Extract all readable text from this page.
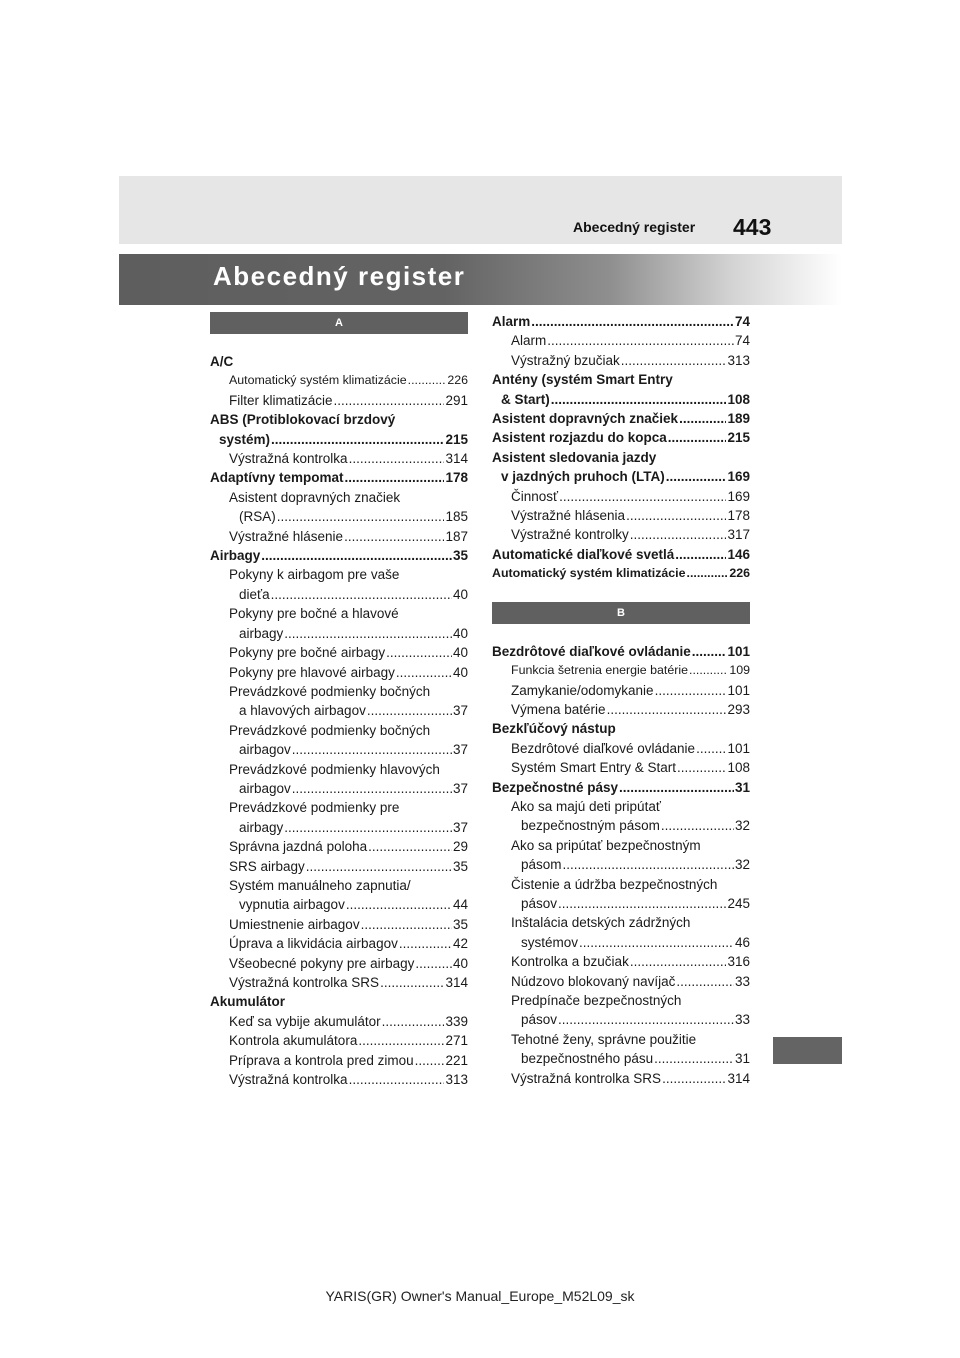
Abecedný register 443
Abecedný register
A
A/C
Automatický systém klimatizácie .....	226
Filter klimatizácie .....	291
ABS (Protiblokovací brzdový
systém) .....	215
Výstražná kontrolka .....	314
Adaptívny tempomat .....	178
Asistent dopravných značiek
(RSA) .....	185
Výstražné hlásenie .....	187
Airbagy .....	35
Pokyny k airbagom pre vaše
dieťa .....	40
Pokyny pre bočné a hlavové
airbagy .....	40
Pokyny pre bočné airbagy .....	40
Pokyny pre hlavové airbagy .....	40
Prevádzkové podmienky bočných
a hlavových airbagov .....	37
Prevádzkové podmienky bočných
airbagov .....	37
Prevádzkové podmienky hlavových
airbagov .....	37
Prevádzkové podmienky pre
airbagy .....	37
Správna jazdná poloha .....	29
SRS airbagy .....	35
Systém manuálneho zapnutia/
vypnutia airbagov .....	44
Umiestnenie airbagov .....	35
Úprava a likvidácia airbagov .....	42
Všeobecné pokyny pre airbagy .....	40
Výstražná kontrolka SRS .....	314
Akumulátor
Keď sa vybije akumulátor .....	339
Kontrola akumulátora .....	271
Príprava a kontrola pred zimou ..... 221
Výstražná kontrolka .....	313
Alarm .....	74
Alarm .....	74
Výstražný bzučiak .....	313
Antény (systém Smart Entry
& Start) .....	108
Asistent dopravných značiek .....	189
Asistent rozjazdu do kopca .....	215
Asistent sledovania jazdy
v jazdných pruhoch (LTA) .....	169
Činnosť .....	169
Výstražné hlásenia .....	178
Výstražné kontrolky .....	317
Automatické diaľkové svetlá .....	146
Automatický systém klimatizácie .....	226
B
Bezdrôtové diaľkové ovládanie .....	101
Funkcia šetrenia energie batérie .....	109
Zamykanie/odomykanie .....	101
Výmena batérie .....	293
Bezkľúčový nástup
Bezdrôtové diaľkové ovládanie ..... 101
Systém Smart Entry & Start .....	108
Bezpečnostné pásy .....	31
Ako sa majú deti pripútať
bezpečnostným pásom .....	32
Ako sa pripútať bezpečnostným
pásom .....	32
Čistenie a údržba bezpečnostných
pásov .....	245
Inštalácia detských zádržných
systémov .....	46
Kontrolka a bzučiak .....	316
Núdzovo blokovaný navíjač .....	33
Predpínače bezpečnostných
pásov .....	33
Tehotné ženy, správne použitie
bezpečnostného pásu .....	31
Výstražná kontrolka SRS .....	314
YARIS(GR) Owner's Manual_Europe_M52L09_sk
